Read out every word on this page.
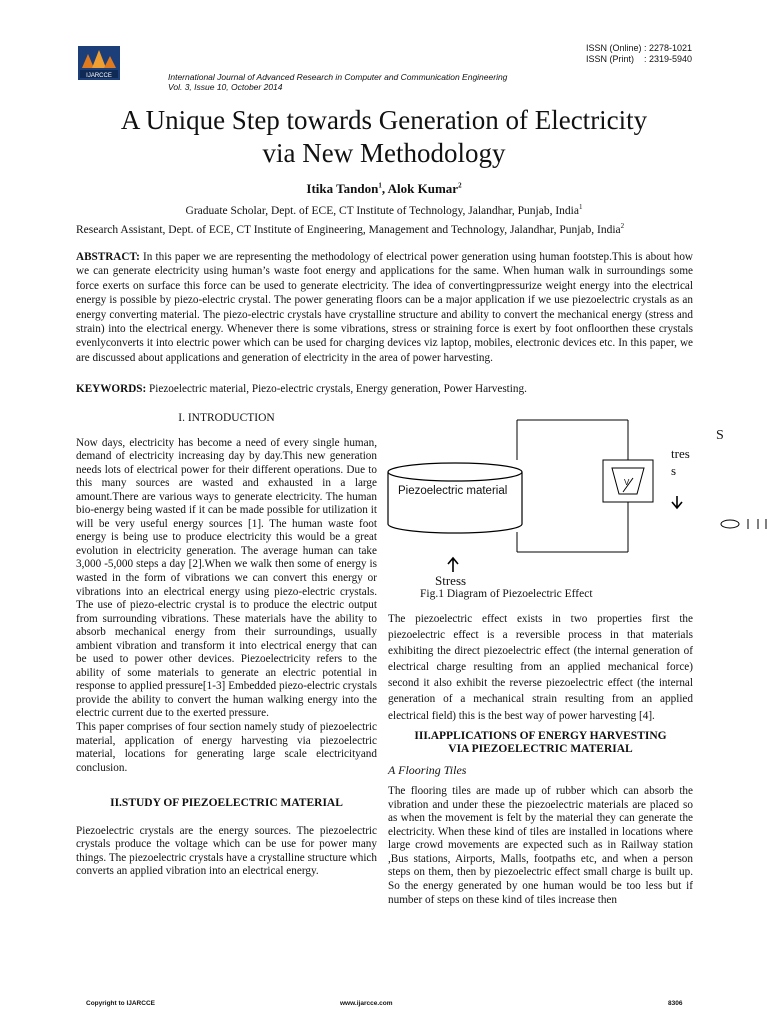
IJARCCE
ISSN (Online) : 2278-1021
ISSN (Print)    : 2319-5940
International Journal of Advanced Research in Computer and Communication Engineering
Vol. 3, Issue 10, October 2014
A Unique Step towards Generation of Electricity
via New Methodology
Itika Tandon$^1$, Alok Kumar$^2$
Graduate Scholar, Dept. of ECE, CT Institute of Technology, Jalandhar, Punjab, India$^1$
Research Assistant, Dept. of ECE, CT Institute of Engineering, Management and Technology, Jalandhar, Punjab, India$^2$
ABSTRACT: In this paper we are representing the methodology of electrical power generation using human footstep.This is about how we can generate electricity using human’s waste foot energy and applications for the same. When human walk in surroundings some force exerts on surface this force can be used to generate electricity. The idea of convertingpressurize weight energy into the electrical energy is possible by piezo-electric crystal. The power generating floors can be a major application if we use piezoelectric crystals as an energy converting material. The piezo-electric crystals have crystalline structure and ability to convert the mechanical energy (stress and strain) into the electrical energy. Whenever there is some vibrations, stress or straining force is exert by foot onfloorthen these crystals evenlyconverts it into electric power which can be used for charging devices viz laptop, mobiles, electronic devices etc. In this paper, we are discussed about applications and generation of electricity in the area of power harvesting.
KEYWORDS: Piezoelectric material, Piezo-electric crystals, Energy generation, Power Harvesting.

I. INTRODUCTION

Now days, electricity has become a need of every single human, demand of electricity increasing day by day.This new generation needs lots of electrical power for their different operations. Due to this many sources are wasted and exhausted in a large amount.There are various ways to generate electricity. The human bio-energy being wasted if it can be made possible for utilization it will be very useful energy sources [1]. The human waste foot energy is being use to produce electricity this would be a great evolution in electricity generation. The average human can take 3,000 -5,000 steps a day [2].When we walk then some of energy is wasted in the form of vibrations we can convert this energy or vibrations into an electrical energy using piezo-electric crystals. The use of piezo-electric crystal is to produce the electric output from surrounding vibrations. These materials have the ability to absorb mechanical energy from their surroundings, usually ambient vibration and transform it into electrical energy that can be used to power other devices. Piezoelectricity refers to the ability of some materials to generate an electric potential in response to applied pressure[1-3] Embedded piezo-electric crystals provide the ability to convert the human walking energy into the electric current due to the exerted pressure.

This paper comprises of four section namely study of piezoelectric material, application of energy harvesting via piezoelectric material, locations for generating large scale electricityand conclusion.

II.STUDY OF PIEZOELECTRIC MATERIAL

Piezoelectric crystals are the energy sources. The piezoelectric crystals produce the voltage which can be use for power many things. The piezoelectric crystals have a crystalline structure which converts an applied vibration into an electrical energy.

Piezoelectric material
V
Stress
tres
s
S
Fig.1 Diagram of Piezoelectric Effect

The piezoelectric effect exists in two properties first the piezoelectric effect is a reversible process in that materials exhibiting the direct piezoelectric effect (the internal generation of electrical charge resulting from an applied mechanical force) second it also exhibit the reverse piezoelectric effect (the internal generation of a mechanical strain resulting from an applied electrical field) this is the best way of power harvesting [4].

III.APPLICATIONS OF ENERGY HARVESTING
VIA PIEZOELECTRIC MATERIAL

A Flooring Tiles

The flooring tiles are made up of rubber which can absorb the vibration and under these the piezoelectric materials are placed so as when the movement is felt by the material they can generate the electricity. When these kind of tiles are installed in locations where large crowd movements are expected such as in Railway station ,Bus stations, Airports, Malls, footpaths etc, and when a person steps on them, then by piezoelectric effect small charge is built up. So the energy generated by one human would be too less but if number of steps on these kind of tiles increase then

Copyright to IJARCCE	www.ijarcce.com	8306
